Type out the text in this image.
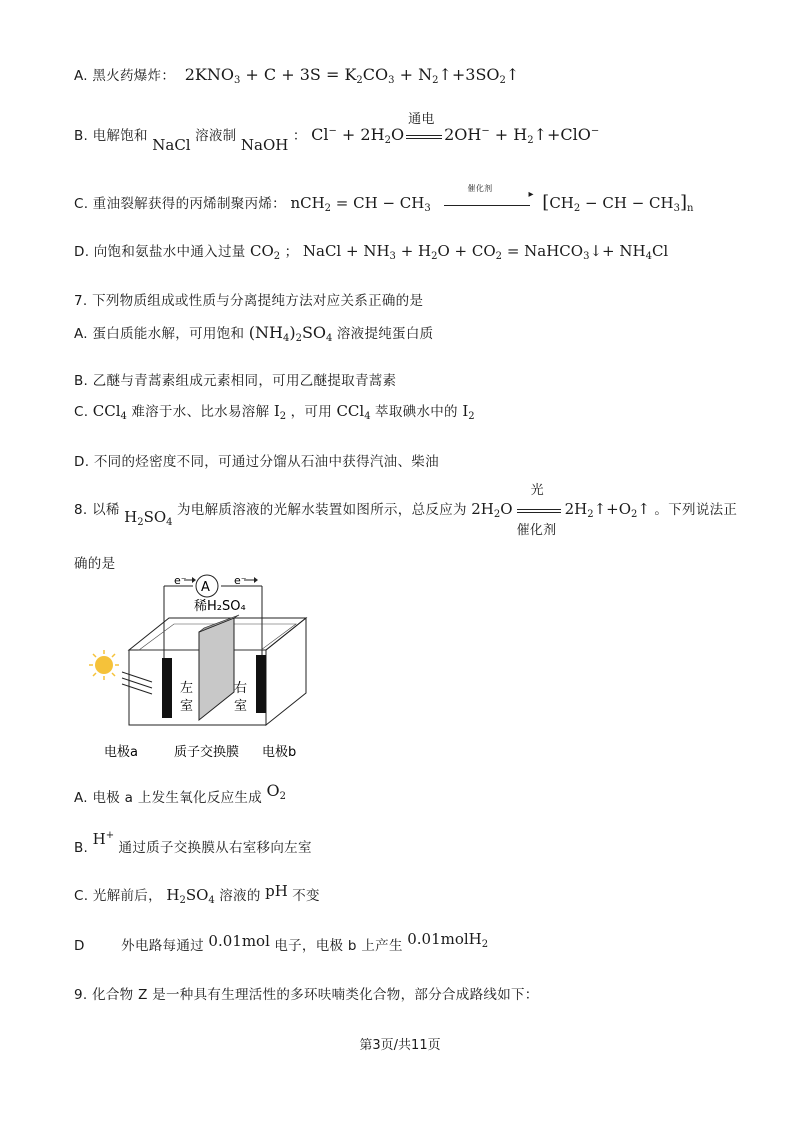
A. 黑火药爆炸：  $2KNO_3 + C + 3S = K_2CO_3$ + $N_2↑+3SO_2↑$
B. 电解饱和 NaCl 溶液制 NaOH ： $Cl^- + 2H_2O$
通电
$2OH^- + H_2↑+ClO^-$
C. 重油裂解获得的丙烯制聚丙烯： nCH$_2$ = CH − $CH_3$
催化剂
▸ [$CH_2$ − CH − $CH_3]_n$
D. 向饱和氨盐水中通入过量 $CO_2$ ； NaCl + $NH_3 + H_2O + CO_2$ = NaHCO$_3$↓+ $NH_4Cl$
7. 下列物质组成或性质与分离提纯方法对应关系正确的是
A. 蛋白质能水解，可用饱和 $(NH_4)_2SO_4$ 溶液提纯蛋白质
B. 乙醚与青蒿素组成元素相同，可用乙醚提取青蒿素
C. CCl$_4$ 难溶于水、比水易溶解 $I_2$ ，可用 CCl$_4$ 萃取碘水中的 $I_2$
D. 不同的烃密度不同，可通过分馏从石油中获得汽油、柴油
8. 以稀 $H_2SO_4$ 为电解质溶液的光解水装置如图所示，总反应为 $2H_2O$
光
催化剂
$2H_2↑+O_2↑$ 。下列说法正
确的是
A
e⁻	e⁻
稀H₂SO₄
左
室
右
室
电极a	质子交换膜 电极b
A. 电极 a 上发生氧化反应生成 $O_2$
B. H+ 通过质子交换膜从右室移向左室
C. 光解前后， $H_2SO_4$ 溶液的 pH 不变
D	外电路每通过 0.01mol 电子，电极 b 上产生 0.01molH$_2$
9. 化合物 Z 是一种具有生理活性的多环呋喃类化合物，部分合成路线如下：
第3页/共11页
